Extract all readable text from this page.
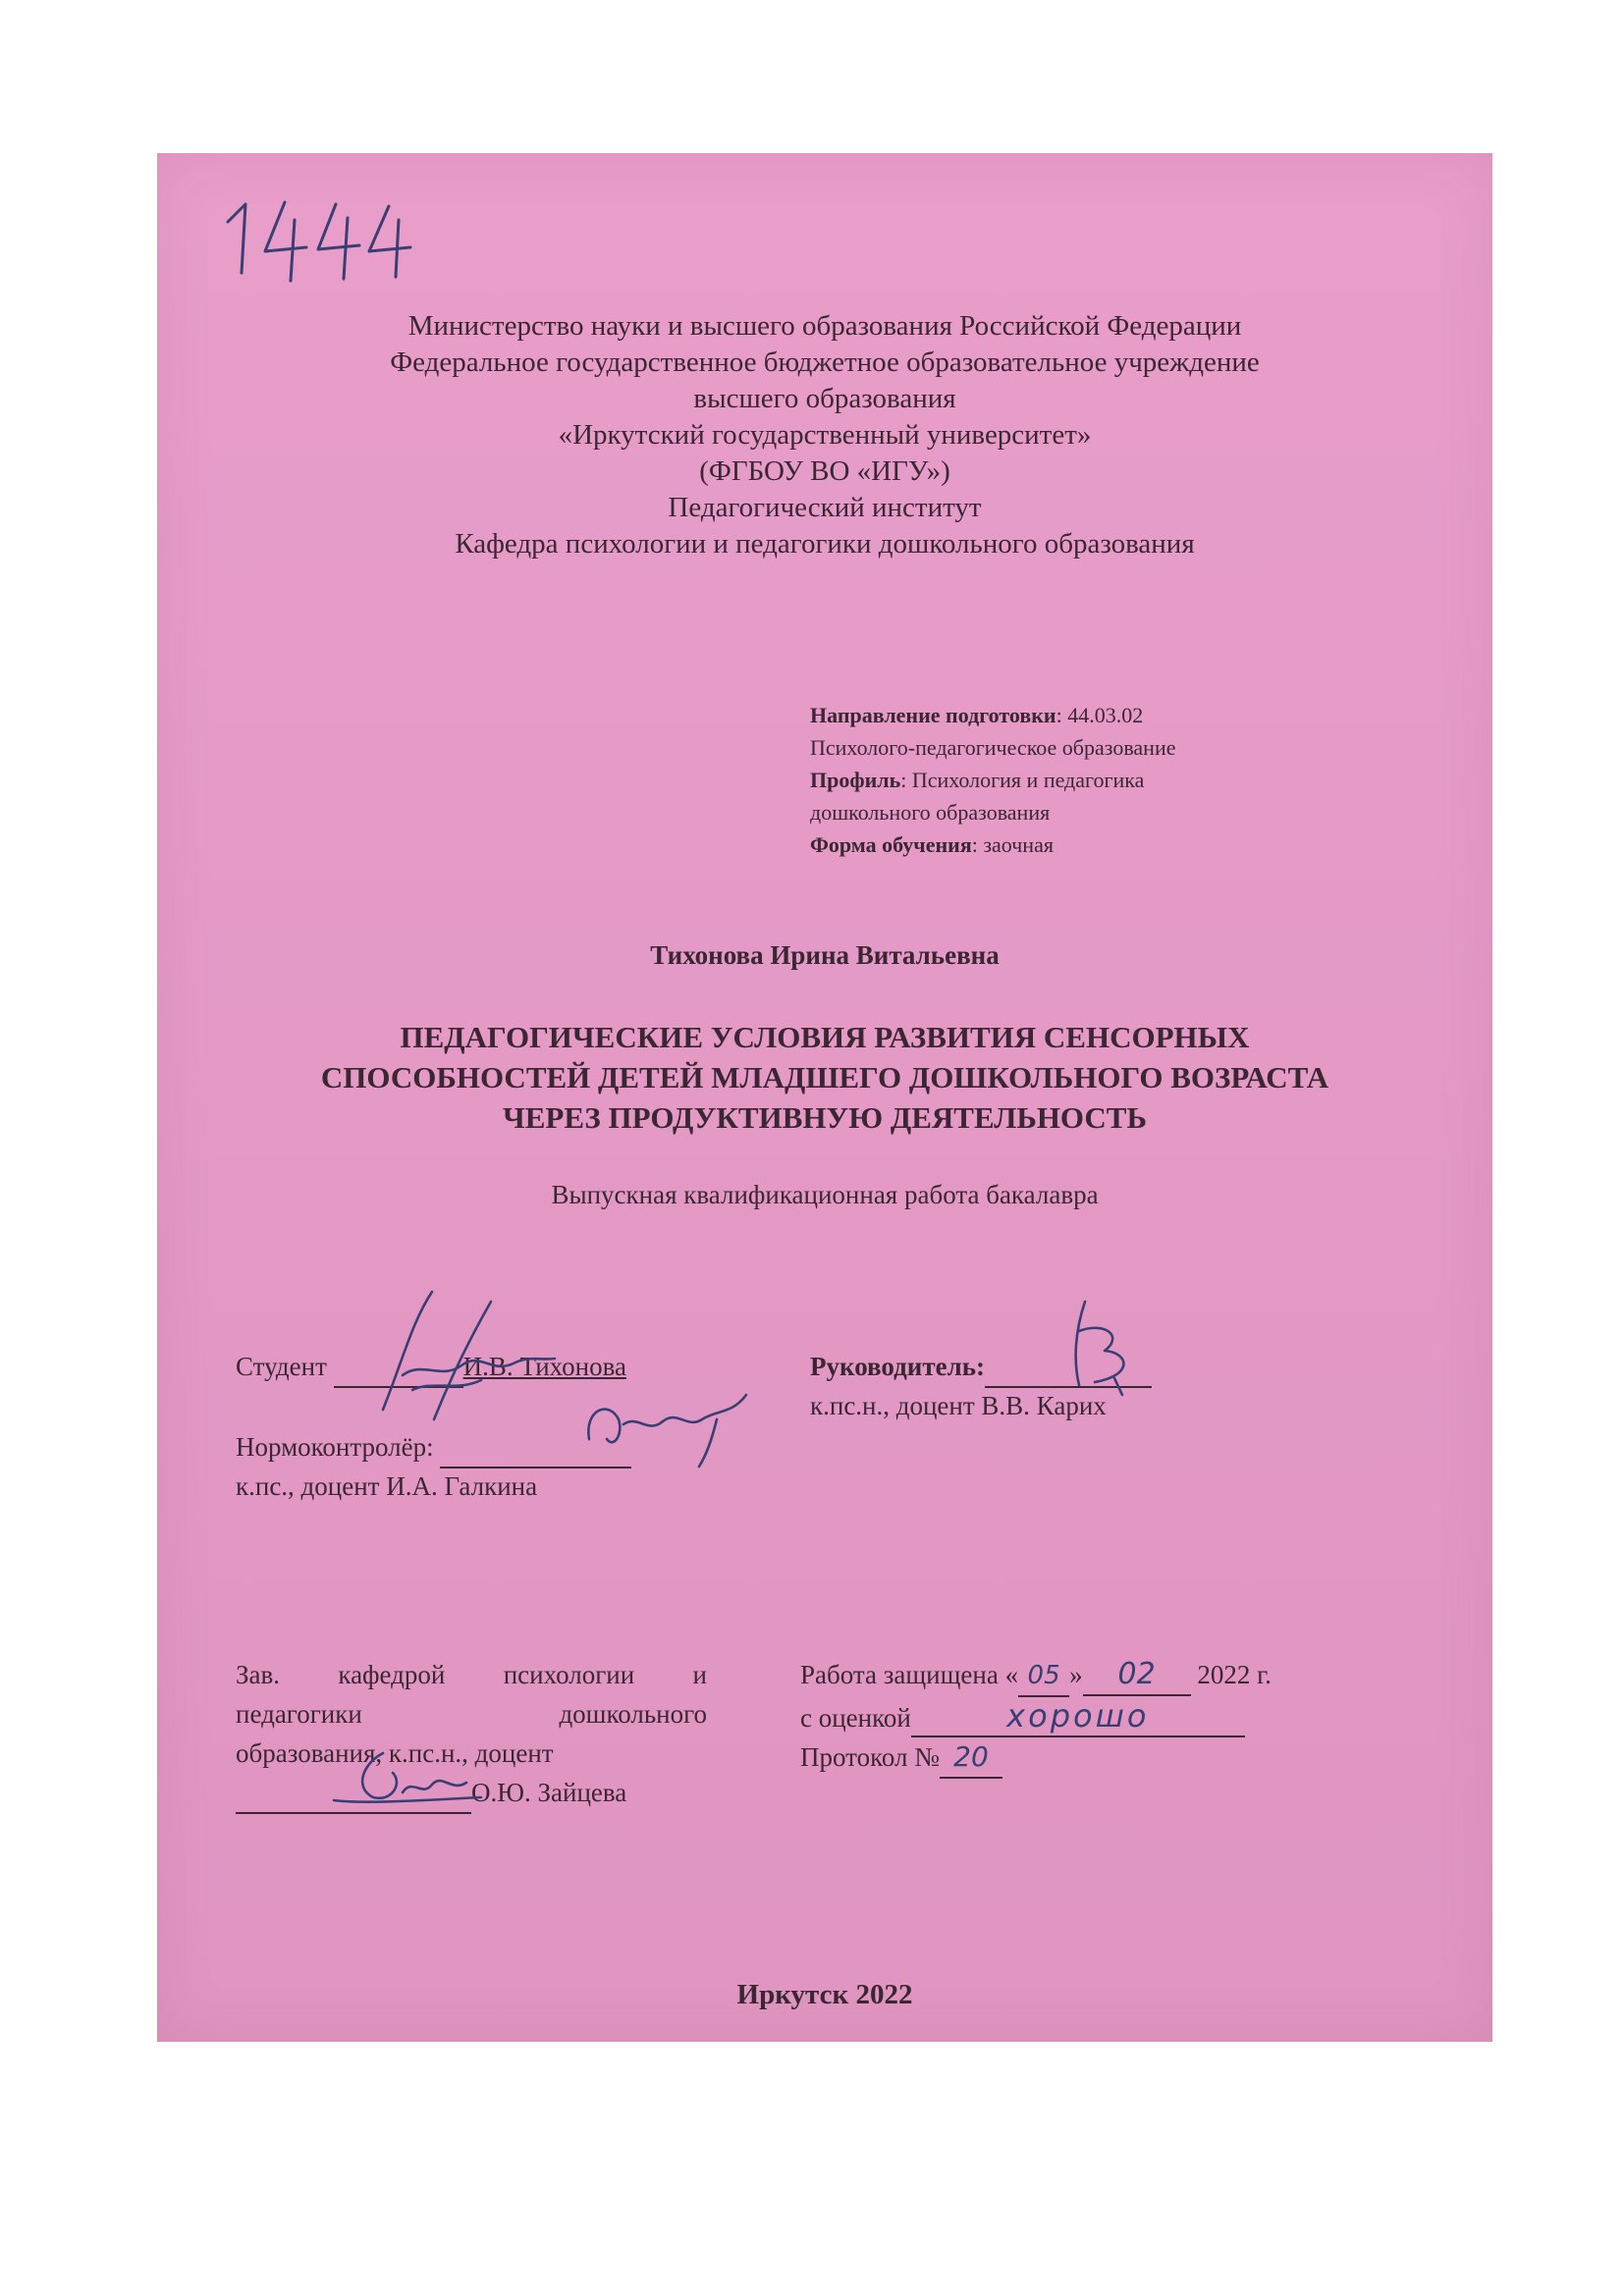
Министерство науки и высшего образования Российской Федерации
Федеральное государственное бюджетное образовательное учреждение
высшего образования
«Иркутский государственный университет»
(ФГБОУ ВО «ИГУ»)
Педагогический институт
Кафедра психологии и педагогики дошкольного образования
Направление подготовки: 44.03.02
Психолого-педагогическое образование
Профиль: Психология и педагогика
дошкольного образования
Форма обучения: заочная
Тихонова Ирина Витальевна
ПЕДАГОГИЧЕСКИЕ УСЛОВИЯ РАЗВИТИЯ СЕНСОРНЫХ
СПОСОБНОСТЕЙ ДЕТЕЙ МЛАДШЕГО ДОШКОЛЬНОГО ВОЗРАСТА
ЧЕРЕЗ ПРОДУКТИВНУЮ ДЕЯТЕЛЬНОСТЬ
Выпускная квалификационная работа бакалавра
Студент	И.В. Тихонова	Руководитель:
к.пс.н., доцент В.В. Карих
Нормоконтролёр:
к.пс., доцент И.А. Галкина
Зав. кафедрой психологии и
педагогики	дошкольного
образования, к.пс.н., доцент
О.Ю. Зайцева
Работа защищена « 05 » 02 2022 г.
с оценкой	хорошо
Протокол № 20
Иркутск 2022
